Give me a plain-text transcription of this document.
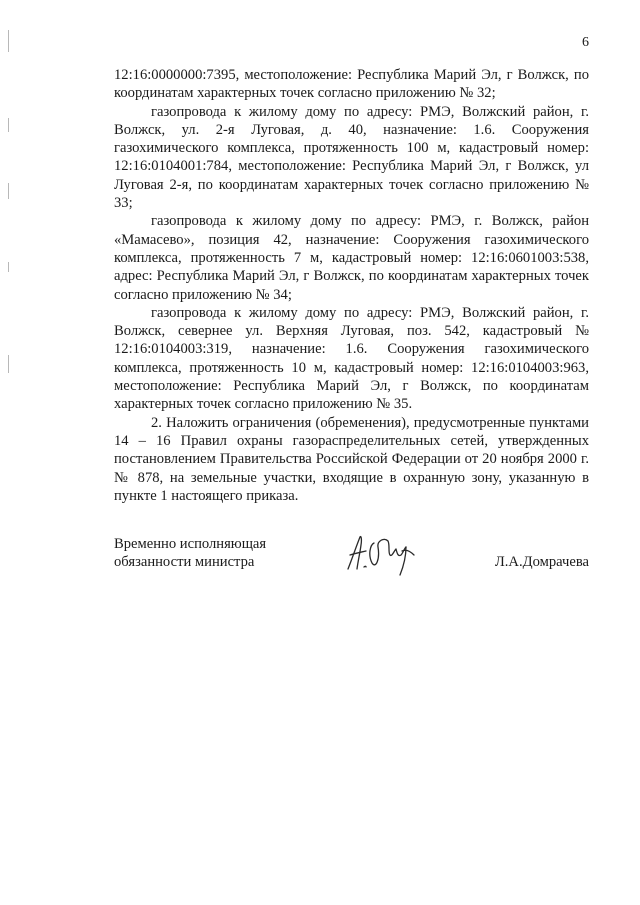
6

12:16:0000000:7395, местоположение: Республика Марий Эл, г Волжск, по координатам характерных точек согласно приложению № 32;

газопровода к жилому дому по адресу: РМЭ, Волжский район, г. Волжск, ул. 2-я Луговая, д. 40, назначение: 1.6. Сооружения газохимического комплекса, протяженность 100 м, кадастровый номер: 12:16:0104001:784, местоположение: Республика Марий Эл, г Волжск, ул Луговая 2-я, по координатам характерных точек согласно приложению № 33;

газопровода к жилому дому по адресу: РМЭ, г. Волжск, район «Мамасево», позиция 42, назначение: Сооружения газохимического комплекса, протяженность 7 м, кадастровый номер: 12:16:0601003:538, адрес: Республика Марий Эл, г Волжск, по координатам характерных точек согласно приложению № 34;

газопровода к жилому дому по адресу: РМЭ, Волжский район, г. Волжск, севернее ул. Верхняя Луговая, поз. 542, кадастровый № 12:16:0104003:319, назначение: 1.6. Сооружения газохимического комплекса, протяженность 10 м, кадастровый номер: 12:16:0104003:963, местоположение: Республика Марий Эл, г Волжск, по координатам характерных точек согласно приложению № 35.

2. Наложить ограничения (обременения), предусмотренные пунктами 14 – 16 Правил охраны газораспределительных сетей, утвержденных постановлением Правительства Российской Федерации от 20 ноября 2000 г. № 878, на земельные участки, входящие в охранную зону, указанную в пункте 1 настоящего приказа.

Временно исполняющая
обязанности министра	Л.А.Домрачева
